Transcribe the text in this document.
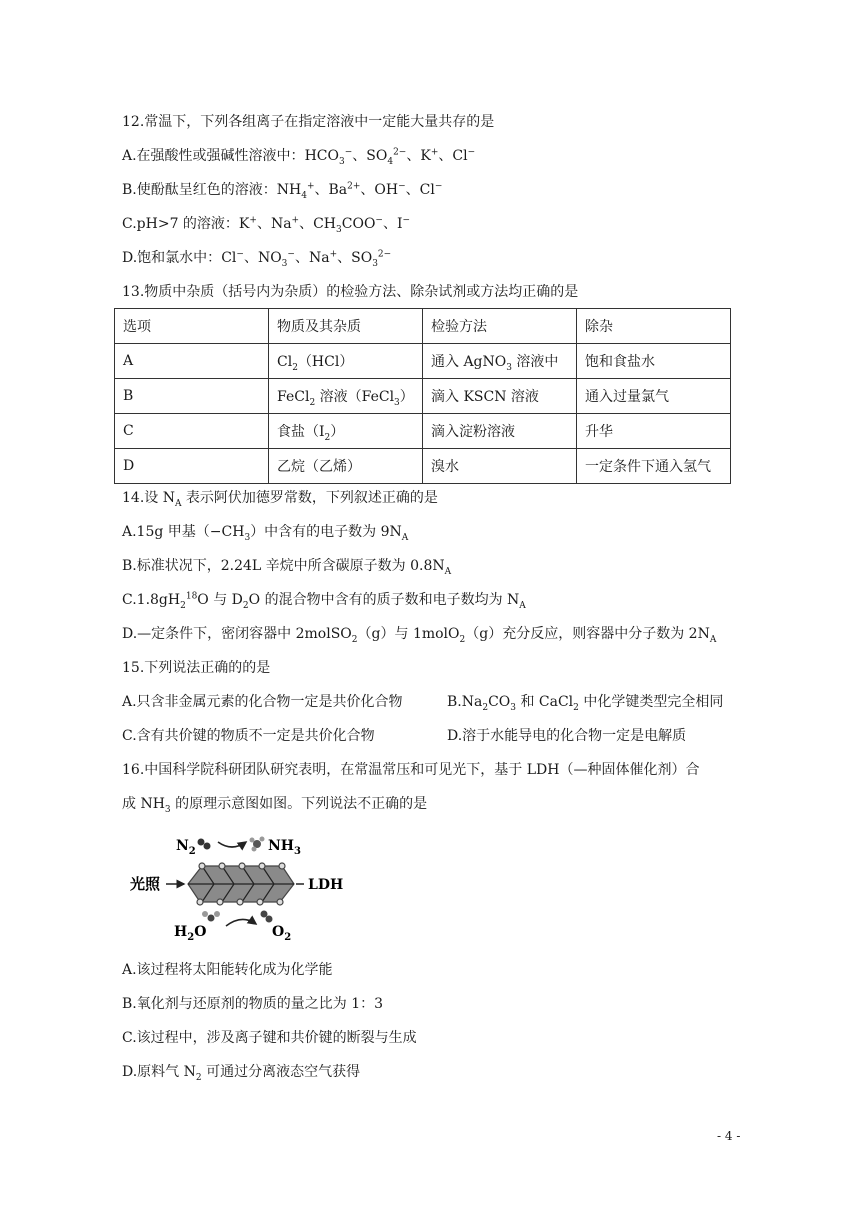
12.常温下，下列各组离子在指定溶液中一定能大量共存的是
A.在强酸性或强碱性溶液中：$HCO_3^-$、$SO_4^{2-}$、K+、Cl−
B.使酚酞呈红色的溶液：$NH_4^+$、$Ba^{2+}$、OH−、Cl−
C.pH>7 的溶液：K+、Na+、$CH_3COO^-$、I−
D.饱和氯水中：Cl−、$NO_3^-$、Na+、$SO_3^{2-}$
13.物质中杂质（括号内为杂质）的检验方法、除杂试剂或方法均正确的是
选项	物质及其杂质	检验方法	除杂
A	$Cl_2(HCl)$	通入 AgNO$_3$ 溶液中	饱和食盐水
B	FeCl$_2$ 溶液（FeCl$_3$）	滴入 KSCN 溶液	通入过量氯气
C	食盐$(I_2)$	滴入淀粉溶液	升华
D	乙烷（乙烯）	溴水	一定条件下通入氢气
14.设 $N_A$ 表示阿伏加德罗常数，下列叙述正确的是
A.15g 甲基$(-CH_3)$中含有的电子数为 $9N_A$
B.标准状况下，2.24L 辛烷中所含碳原子数为 $0.8N_A$
$C.1.8gH_2^{18}O$ 与 $D_2O$ 的混合物中含有的质子数和电子数均为 $N_A$
D.—定条件下，密闭容器中 2molSO$_2$（g）与 1molO$_2$（g）充分反应，则容器中分子数为 $2N_A$
15.下列说法正确的的是
A.只含非金属元素的化合物一定是共价化合物	$B.Na_2CO_3$ 和 CaCl$_2$ 中化学键类型完全相同
C.含有共价键的物质不一定是共价化合物	D.溶于水能导电的化合物一定是电解质
16.中国科学院科研团队研究表明，在常温常压和可见光下，基于 LDH（—种固体催化剂）合
成 $NH_3$ 的原理示意图如图。下列说法不正确的是
$N_2$	$NH_3$
光照	LDH
$H_2O$	$O_2$
A.该过程将太阳能转化成为化学能
B.氧化剂与还原剂的物质的量之比为 1：3
C.该过程中，涉及离子键和共价键的断裂与生成
D.原料气 $N_2$ 可通过分离液态空气获得
- 4 -
